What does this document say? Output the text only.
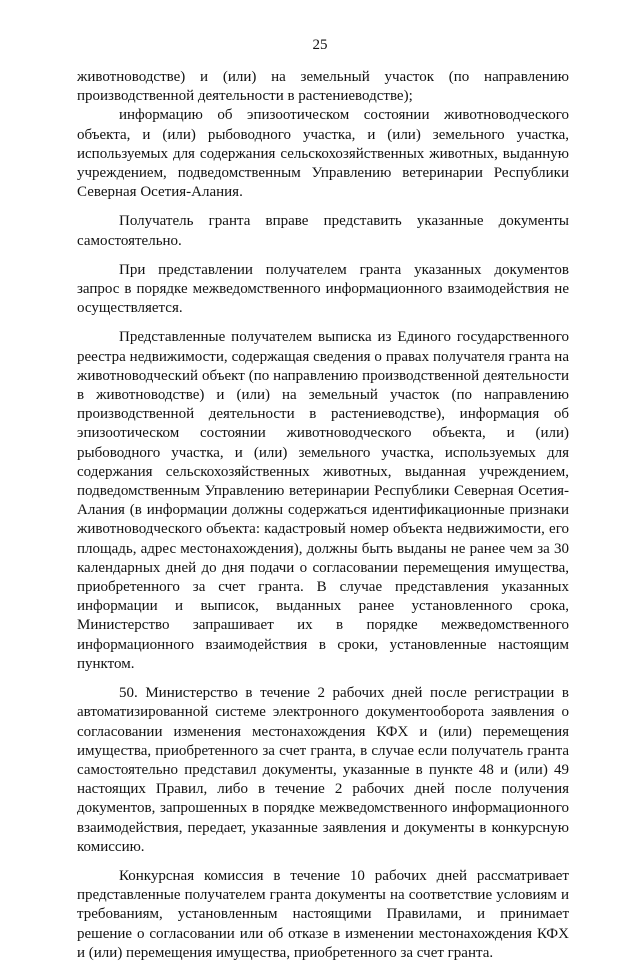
25

животноводстве) и (или) на земельный участок (по направлению производственной деятельности в растениеводстве);

информацию об эпизоотическом состоянии животноводческого объекта, и (или) рыбоводного участка, и (или) земельного участка, используемых для содержания сельскохозяйственных животных, выданную учреждением, подведомственным Управлению ветеринарии Республики Северная Осетия-Алания.

Получатель гранта вправе представить указанные документы самостоятельно.

При представлении получателем гранта указанных документов запрос в порядке межведомственного информационного взаимодействия не осуществляется.

Представленные получателем выписка из Единого государственного реестра недвижимости, содержащая сведения о правах получателя гранта на животноводческий объект (по направлению производственной деятельности в животноводстве) и (или) на земельный участок (по направлению производственной деятельности в растениеводстве), информация об эпизоотическом состоянии животноводческого объекта, и (или) рыбоводного участка, и (или) земельного участка, используемых для содержания сельскохозяйственных животных, выданная учреждением, подведомственным Управлению ветеринарии Республики Северная Осетия-Алания (в информации должны содержаться идентификационные признаки животноводческого объекта: кадастровый номер объекта недвижимости, его площадь, адрес местонахождения), должны быть выданы не ранее чем за 30 календарных дней до дня подачи о согласовании перемещения имущества, приобретенного за счет гранта. В случае представления указанных информации и выписок, выданных ранее установленного срока, Министерство запрашивает их в порядке межведомственного информационного взаимодействия в сроки, установленные настоящим пунктом.

50. Министерство в течение 2 рабочих дней после регистрации в автоматизированной системе электронного документооборота заявления о согласовании изменения местонахождения КФХ и (или) перемещения имущества, приобретенного за счет гранта, в случае если получатель гранта самостоятельно представил документы, указанные в пункте 48 и (или) 49 настоящих Правил, либо в течение 2 рабочих дней после получения документов, запрошенных в порядке межведомственного информационного взаимодействия, передает, указанные заявления и документы в конкурсную комиссию.

Конкурсная комиссия в течение 10 рабочих дней рассматривает представленные получателем гранта документы на соответствие условиям и требованиям, установленным настоящими Правилами, и принимает решение о согласовании или об отказе в изменении местонахождения КФХ и (или) перемещения имущества, приобретенного за счет гранта.
